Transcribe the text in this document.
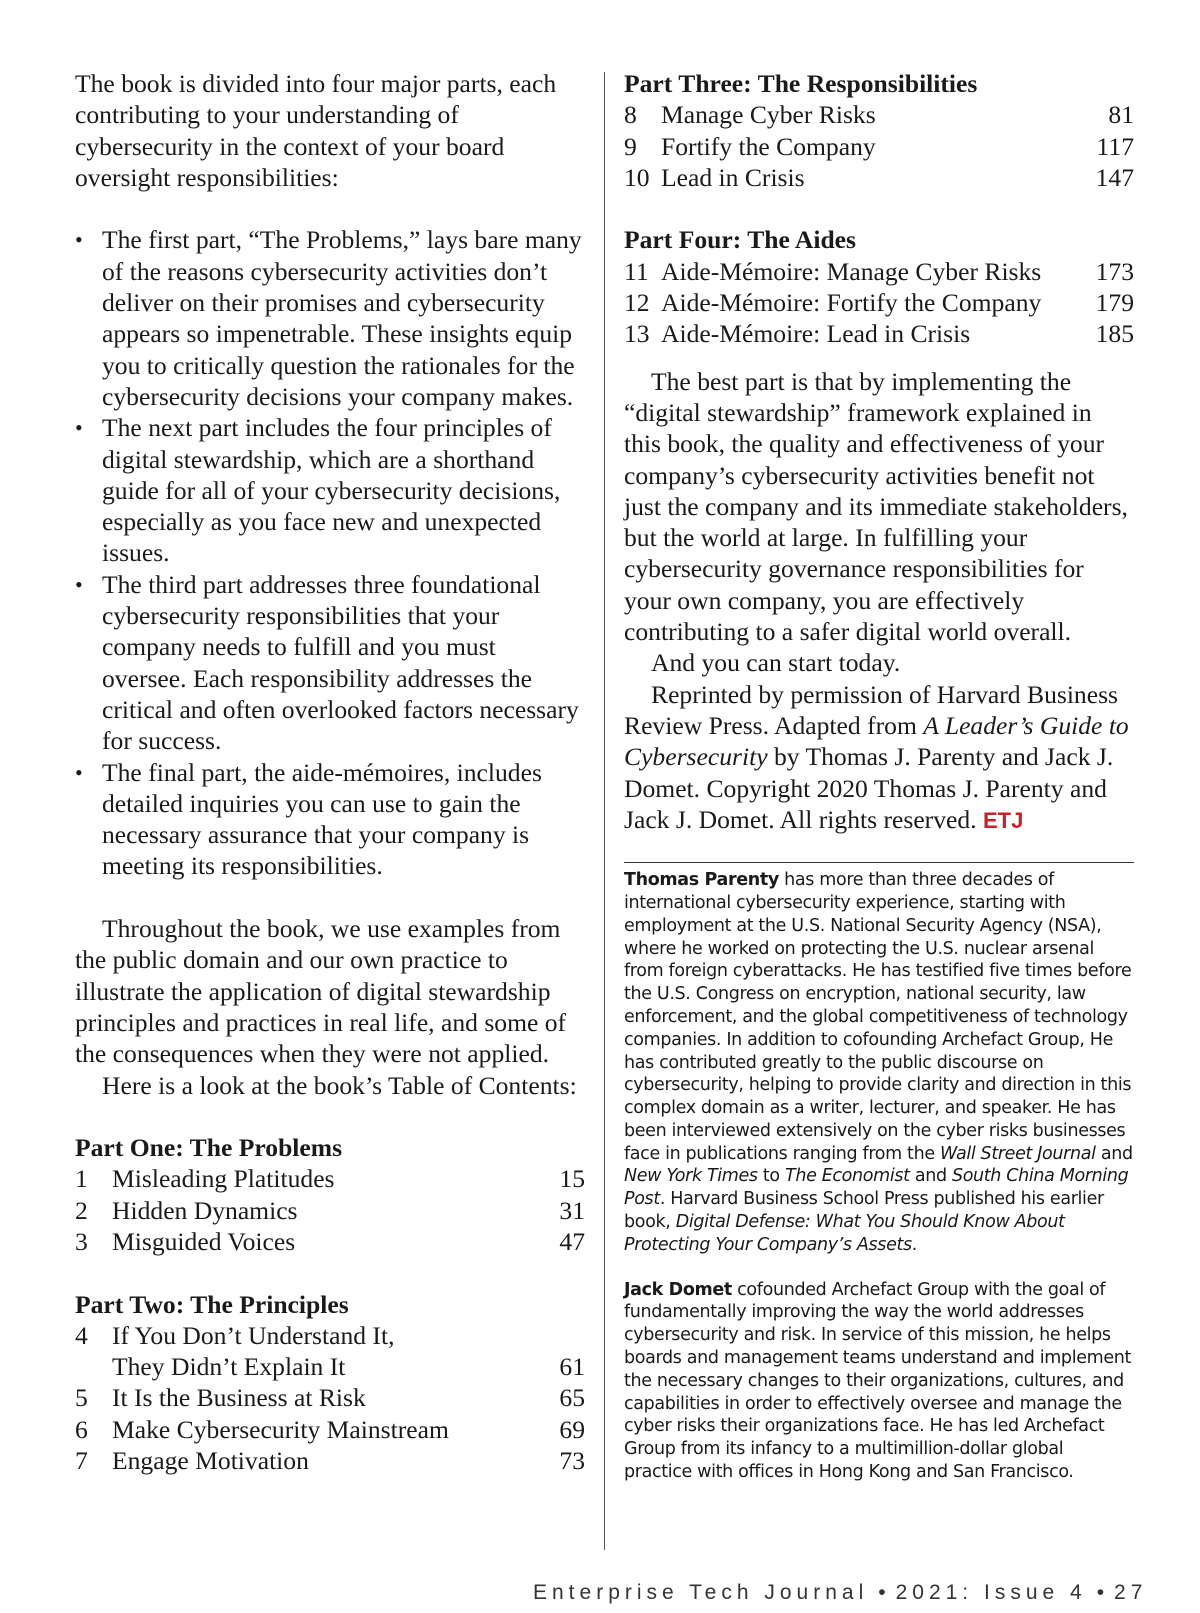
The book is divided into four major parts, each contributing to your understanding of cybersecurity in the context of your board oversight responsibilities:

• The first part, “The Problems,” lays bare many of the reasons cybersecurity activities don’t deliver on their promises and cybersecurity appears so impenetrable. These insights equip you to critically question the rationales for the cybersecurity decisions your company makes.
• The next part includes the four principles of digital stewardship, which are a shorthand guide for all of your cybersecurity decisions, especially as you face new and unexpected issues.
• The third part addresses three foundational cybersecurity responsibilities that your company needs to fulfill and you must oversee. Each responsibility addresses the critical and often overlooked factors necessary for success.
• The final part, the aide-mémoires, includes detailed inquiries you can use to gain the necessary assurance that your company is meeting its responsibilities.

Throughout the book, we use examples from the public domain and our own practice to illustrate the application of digital stewardship principles and practices in real life, and some of the consequences when they were not applied.

Here is a look at the book’s Table of Contents:

Part One: The Problems
1 Misleading Platitudes	15
2 Hidden Dynamics	31
3 Misguided Voices	47
Part Two: The Principles
4 If You Don’t Understand It,
They Didn’t Explain It	61
5 It Is the Business at Risk	65
6 Make Cybersecurity Mainstream	69
7 Engage Motivation	73
Part Three: The Responsibilities
8 Manage Cyber Risks	81
9 Fortify the Company	117
10 Lead in Crisis	147
Part Four: The Aides
11 Aide-Mémoire: Manage Cyber Risks	173
12 Aide-Mémoire: Fortify the Company	179
13 Aide-Mémoire: Lead in Crisis	185

The best part is that by implementing the “digital stewardship” framework explained in this book, the quality and effectiveness of your company’s cybersecurity activities benefit not just the company and its immediate stakeholders, but the world at large. In fulfilling your cybersecurity governance responsibilities for your own company, you are effectively contributing to a safer digital world overall.

And you can start today.

Reprinted by permission of Harvard Business Review Press. Adapted from A Leader’s Guide to Cybersecurity by Thomas J. Parenty and Jack J. Domet. Copyright 2020 Thomas J. Parenty and Jack J. Domet. All rights reserved. ETJ

Thomas Parenty has more than three decades of international cybersecurity experience, starting with employment at the U.S. National Security Agency (NSA), where he worked on protecting the U.S. nuclear arsenal from foreign cyberattacks. He has testified five times before the U.S. Congress on encryption, national security, law enforcement, and the global competitiveness of technology companies. In addition to cofounding Archefact Group, He has contributed greatly to the public discourse on cybersecurity, helping to provide clarity and direction in this complex domain as a writer, lecturer, and speaker. He has been interviewed extensively on the cyber risks businesses face in publications ranging from the Wall Street Journal and New York Times to The Economist and South China Morning Post. Harvard Business School Press published his earlier book, Digital Defense: What You Should Know About Protecting Your Company’s Assets.

Jack Domet cofounded Archefact Group with the goal of fundamentally improving the way the world addresses cybersecurity and risk. In service of this mission, he helps boards and management teams understand and implement the necessary changes to their organizations, cultures, and capabilities in order to effectively oversee and manage the cyber risks their organizations face. He has led Archefact Group from its infancy to a multimillion-dollar global practice with offices in Hong Kong and San Francisco.

Enterprise Tech Journal • 2021: Issue 4 • 27
